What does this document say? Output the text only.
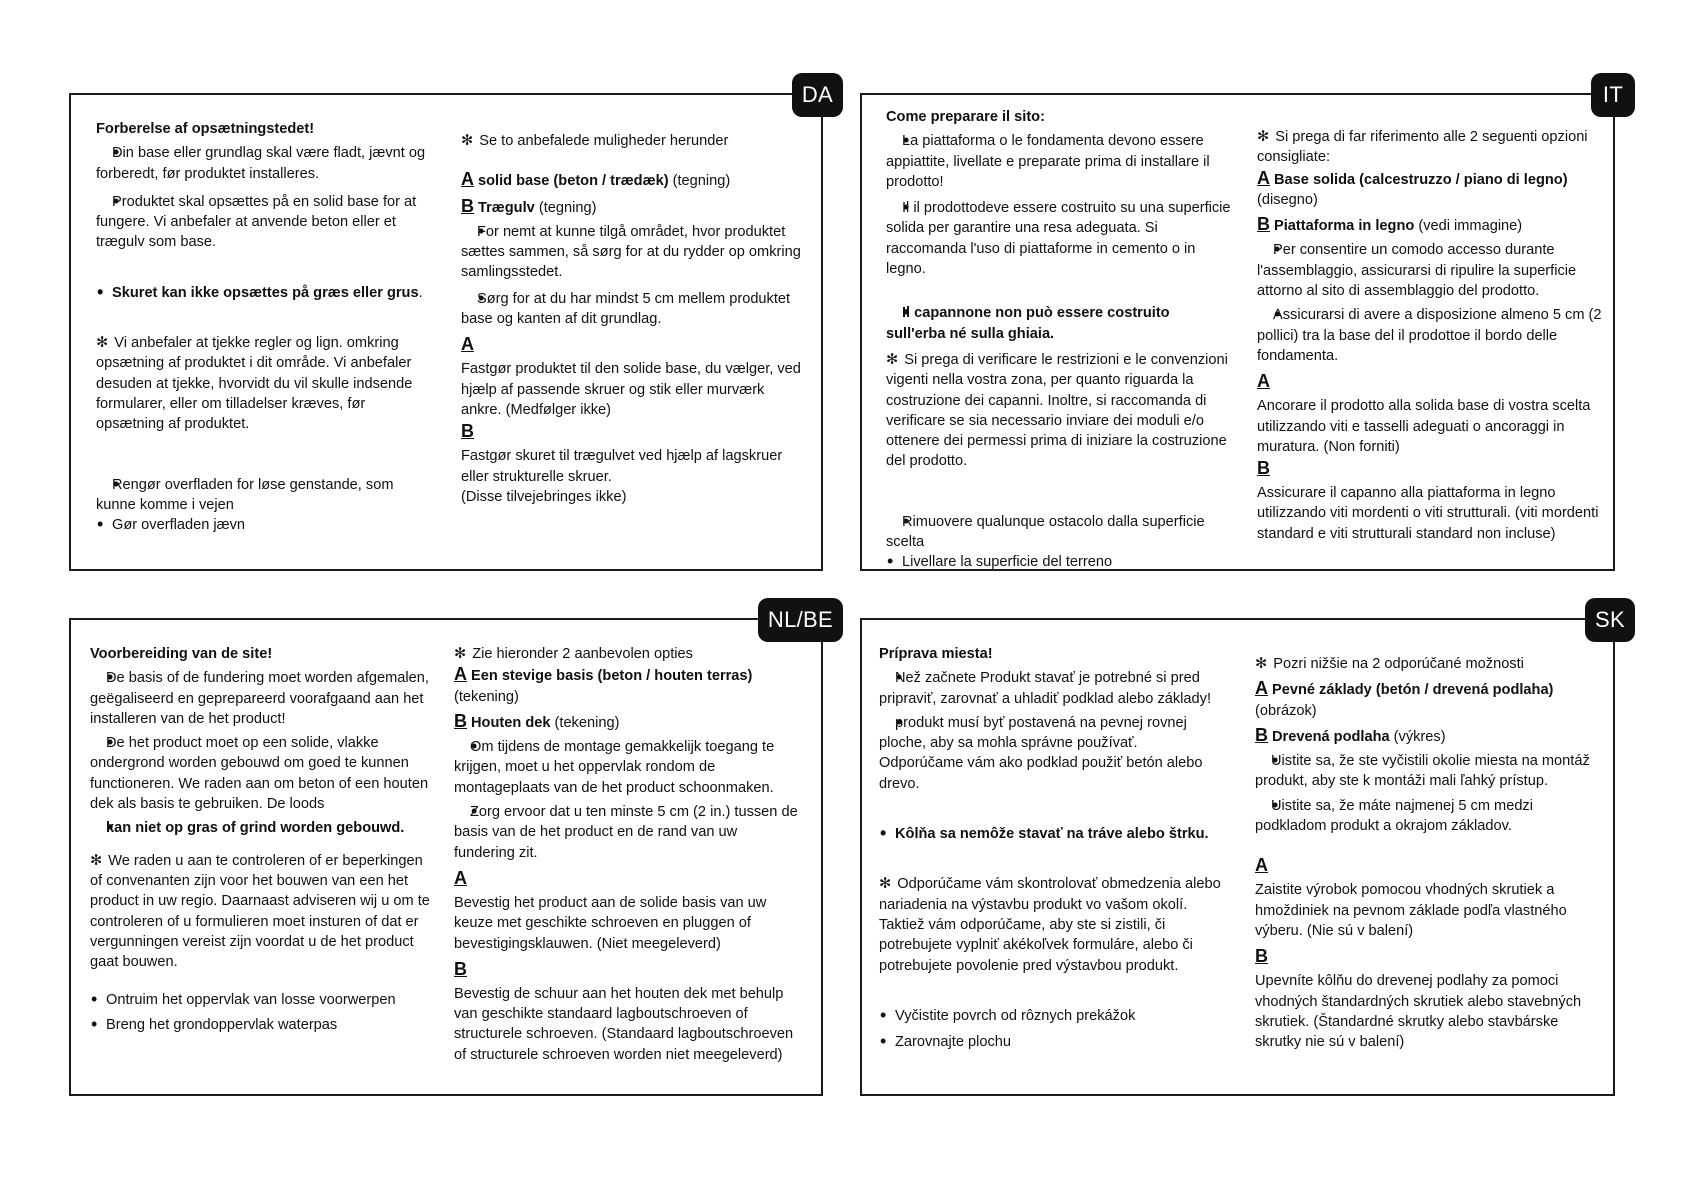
DA

Forberelse af opsætningstedet!

• Din base eller grundlag skal være fladt, jævnt og forberedt, før produktet installeres.

• Produktet skal opsættes på en solid base for at fungere. Vi anbefaler at anvende beton eller et trægulv som base.

• Skuret kan ikke opsættes på græs eller grus.

✻ Vi anbefaler at tjekke regler og lign. omkring opsætning af produktet i dit område. Vi anbefaler desuden at tjekke, hvorvidt du vil skulle indsende formularer, eller om tilladelser kræves, før opsætning af produktet.

• Rengør overfladen for løse genstande, som kunne komme i vejen

• Gør overfladen jævn

✻ Se to anbefalede muligheder herunder

A solid base (beton / trædæk) (tegning)

B Trægulv (tegning)

• For nemt at kunne tilgå området, hvor produktet sættes sammen, så sørg for at du rydder op omkring samlingsstedet.

• Sørg for at du har mindst 5 cm mellem produktet base og kanten af dit grundlag.

A

Fastgør produktet til den solide base, du vælger, ved hjælp af passende skruer og stik eller murværk ankre. (Medfølger ikke)

B

Fastgør skuret til trægulvet ved hjælp af lagskruer eller strukturelle skruer.

(Disse tilvejebringes ikke)

IT

Come preparare il sito:

• La piattaforma o le fondamenta devono essere appiattite, livellate e preparate prima di installare il prodotto!

• Il il prodottodeve essere costruito su una superficie solida per garantire una resa adeguata. Si raccomanda l'uso di piattaforme in cemento o in legno.

• Il capannone non può essere costruito sull'erba né sulla ghiaia.

✻ Si prega di verificare le restrizioni e le convenzioni vigenti nella vostra zona, per quanto riguarda la costruzione dei capanni. Inoltre, si raccomanda di verificare se sia necessario inviare dei moduli e/o ottenere dei permessi prima di iniziare la costruzione del prodotto.

• Rimuovere qualunque ostacolo dalla superficie scelta

• Livellare la superficie del terreno

✻ Si prega di far riferimento alle 2 seguenti opzioni consigliate:

A Base solida (calcestruzzo / piano di legno)
(disegno)

B Piattaforma in legno (vedi immagine)

• Per consentire un comodo accesso durante l'assemblaggio, assicurarsi di ripulire la superficie attorno al sito di assemblaggio del prodotto.

• Assicurarsi di avere a disposizione almeno 5 cm (2 pollici) tra la base del il prodottoe il bordo delle fondamenta.

A

Ancorare il prodotto alla solida base di vostra scelta utilizzando viti e tasselli adeguati o ancoraggi in muratura. (Non forniti)

B

Assicurare il capanno alla piattaforma in legno utilizzando viti mordenti o viti strutturali. (viti mordenti standard e viti strutturali standard non incluse)

NL/BE

Voorbereiding van de site!

• De basis of de fundering moet worden afgemalen, geëgaliseerd en geprepareerd voorafgaand aan het installeren van de het product!

• De het product moet op een solide, vlakke ondergrond worden gebouwd om goed te kunnen functioneren. We raden aan om beton of een houten dek als basis te gebruiken. De loods

• kan niet op gras of grind worden gebouwd.

✻ We raden u aan te controleren of er beperkingen of convenanten zijn voor het bouwen van een het product in uw regio. Daarnaast adviseren wij u om te controleren of u formulieren moet insturen of dat er vergunningen vereist zijn voordat u de het product gaat bouwen.

• Ontruim het oppervlak van losse voorwerpen

• Breng het grondoppervlak waterpas

✻ Zie hieronder 2 aanbevolen opties

A Een stevige basis (beton / houten terras)
(tekening)

B Houten dek (tekening)

• Om tijdens de montage gemakkelijk toegang te krijgen, moet u het oppervlak rondom de montageplaats van de het product schoonmaken.

• Zorg ervoor dat u ten minste 5 cm (2 in.) tussen de basis van de het product en de rand van uw fundering zit.

A

Bevestig het product aan de solide basis van uw keuze met geschikte schroeven en pluggen of bevestigingsklauwen. (Niet meegeleverd)

B

Bevestig de schuur aan het houten dek met behulp van geschikte standaard lagboutschroeven of structurele schroeven. (Standaard lagboutschroeven of structurele schroeven worden niet meegeleverd)

SK

Príprava miesta!

• Než začnete Produkt stavať je potrebné si pred pripraviť, zarovnať a uhladiť podklad alebo základy!

• produkt musí byť postavená na pevnej rovnej ploche, aby sa mohla správne používať. Odporúčame vám ako podklad použiť betón alebo drevo.

• Kôlňa sa nemôže stavať na tráve alebo štrku.

✻ Odporúčame vám skontrolovať obmedzenia alebo nariadenia na výstavbu produkt vo vašom okolí. Taktiež vám odporúčame, aby ste si zistili, či potrebujete vyplniť akékoľvek formuláre, alebo či potrebujete povolenie pred výstavbou produkt.

• Vyčistite povrch od rôznych prekážok

• Zarovnajte plochu

✻ Pozri nižšie na 2 odporúčané možnosti

A Pevné základy (betón / drevená podlaha)
(obrázok)

B Drevená podlaha (výkres)

• Uistite sa, že ste vyčistili okolie miesta na montáž produkt, aby ste k montáži mali ľahký prístup.

• Uistite sa, že máte najmenej 5 cm medzi podkladom produkt a okrajom základov.

A

Zaistite výrobok pomocou vhodných skrutiek a hmoždiniek na pevnom základe podľa vlastného výberu. (Nie sú v balení)

B

Upevníte kôlňu do drevenej podlahy za pomoci vhodných štandardných skrutiek alebo stavebných skrutiek. (Štandardné skrutky alebo stavbárske skrutky nie sú v balení)
